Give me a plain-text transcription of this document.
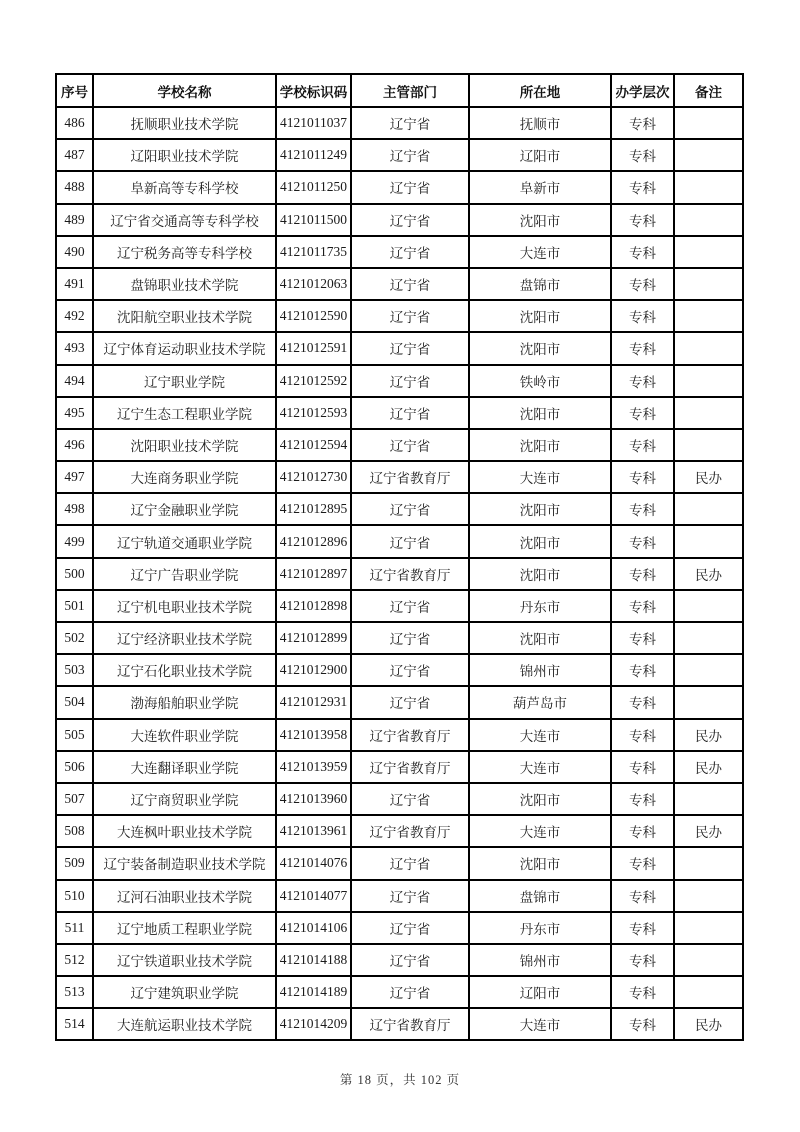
序号	学校名称	学校标识码	主管部门	所在地	办学层次	备注
486	抚顺职业技术学院	4121011037	辽宁省	抚顺市	专科	
487	辽阳职业技术学院	4121011249	辽宁省	辽阳市	专科	
488	阜新高等专科学校	4121011250	辽宁省	阜新市	专科	
489	辽宁省交通高等专科学校	4121011500	辽宁省	沈阳市	专科	
490	辽宁税务高等专科学校	4121011735	辽宁省	大连市	专科	
491	盘锦职业技术学院	4121012063	辽宁省	盘锦市	专科	
492	沈阳航空职业技术学院	4121012590	辽宁省	沈阳市	专科	
493	辽宁体育运动职业技术学院	4121012591	辽宁省	沈阳市	专科	
494	辽宁职业学院	4121012592	辽宁省	铁岭市	专科	
495	辽宁生态工程职业学院	4121012593	辽宁省	沈阳市	专科	
496	沈阳职业技术学院	4121012594	辽宁省	沈阳市	专科	
497	大连商务职业学院	4121012730	辽宁省教育厅	大连市	专科	民办
498	辽宁金融职业学院	4121012895	辽宁省	沈阳市	专科	
499	辽宁轨道交通职业学院	4121012896	辽宁省	沈阳市	专科	
500	辽宁广告职业学院	4121012897	辽宁省教育厅	沈阳市	专科	民办
501	辽宁机电职业技术学院	4121012898	辽宁省	丹东市	专科	
502	辽宁经济职业技术学院	4121012899	辽宁省	沈阳市	专科	
503	辽宁石化职业技术学院	4121012900	辽宁省	锦州市	专科	
504	渤海船舶职业学院	4121012931	辽宁省	葫芦岛市	专科	
505	大连软件职业学院	4121013958	辽宁省教育厅	大连市	专科	民办
506	大连翻译职业学院	4121013959	辽宁省教育厅	大连市	专科	民办
507	辽宁商贸职业学院	4121013960	辽宁省	沈阳市	专科	
508	大连枫叶职业技术学院	4121013961	辽宁省教育厅	大连市	专科	民办
509	辽宁装备制造职业技术学院	4121014076	辽宁省	沈阳市	专科	
510	辽河石油职业技术学院	4121014077	辽宁省	盘锦市	专科	
511	辽宁地质工程职业学院	4121014106	辽宁省	丹东市	专科	
512	辽宁铁道职业技术学院	4121014188	辽宁省	锦州市	专科	
513	辽宁建筑职业学院	4121014189	辽宁省	辽阳市	专科	
514	大连航运职业技术学院	4121014209	辽宁省教育厅	大连市	专科	民办
第 18 页，共 102 页
